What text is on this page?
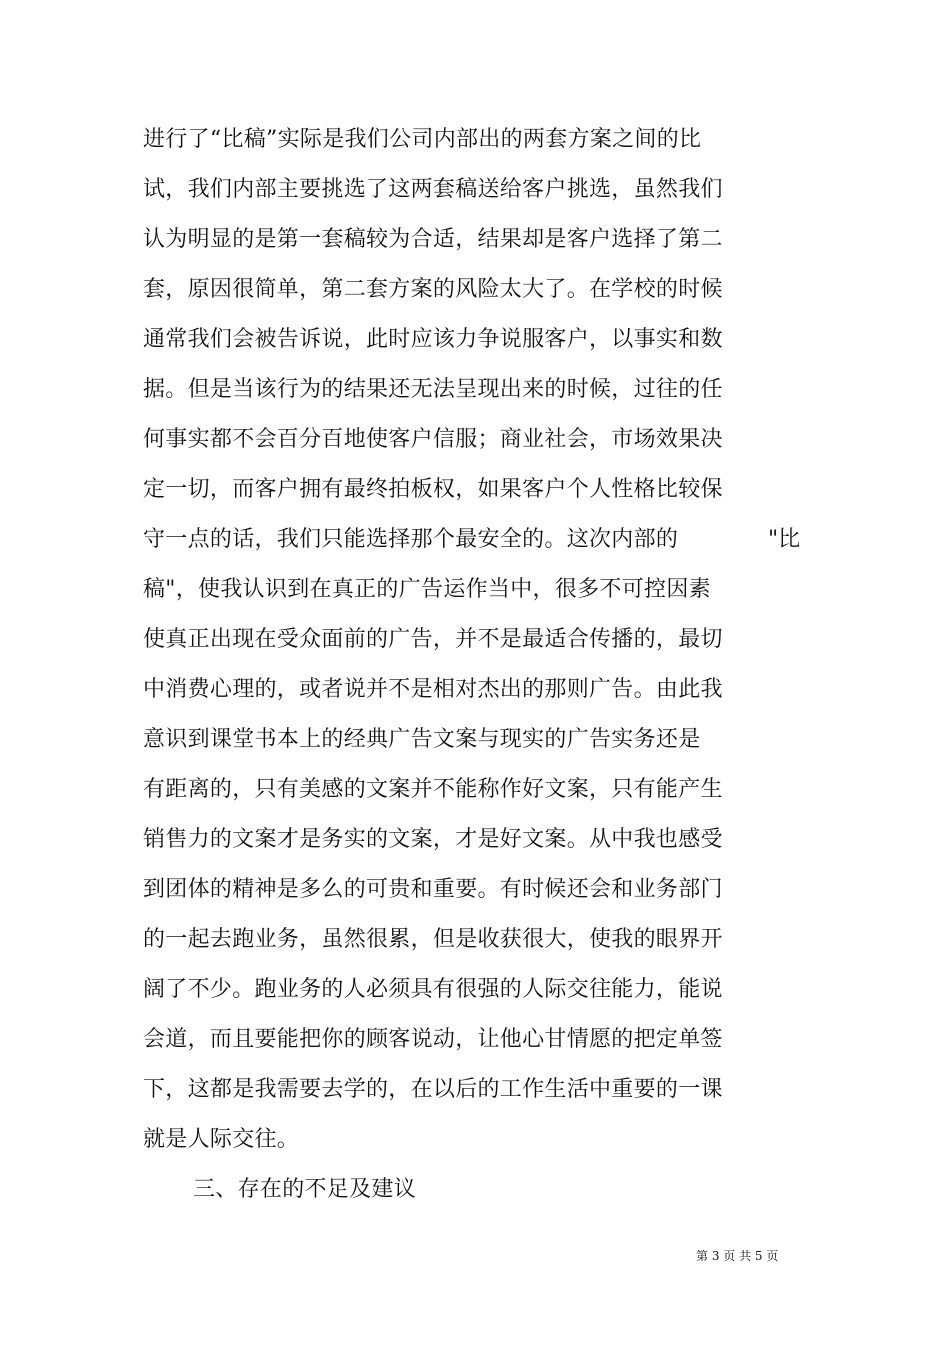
进行了“比稿”实际是我们公司内部出的两套方案之间的比
试，我们内部主要挑选了这两套稿送给客户挑选，虽然我们
认为明显的是第一套稿较为合适，结果却是客户选择了第二
套，原因很简单，第二套方案的风险太大了。在学校的时候
通常我们会被告诉说，此时应该力争说服客户，以事实和数
据。但是当该行为的结果还无法呈现出来的时候，过往的任
何事实都不会百分百地使客户信服；商业社会，市场效果决
定一切，而客户拥有最终拍板权，如果客户个人性格比较保
守一点的话，我们只能选择那个最安全的。这次内部的	"比
稿"，使我认识到在真正的广告运作当中，很多不可控因素
使真正出现在受众面前的广告，并不是最适合传播的，最切
中消费心理的，或者说并不是相对杰出的那则广告。由此我
意识到课堂书本上的经典广告文案与现实的广告实务还是
有距离的，只有美感的文案并不能称作好文案，只有能产生
销售力的文案才是务实的文案，才是好文案。从中我也感受
到团体的精神是多么的可贵和重要。有时候还会和业务部门
的一起去跑业务，虽然很累，但是收获很大，使我的眼界开
阔了不少。跑业务的人必须具有很强的人际交往能力，能说
会道，而且要能把你的顾客说动，让他心甘情愿的把定单签
下，这都是我需要去学的，在以后的工作生活中重要的一课
就是人际交往。
三、存在的不足及建议
第 3 页 共 5 页
